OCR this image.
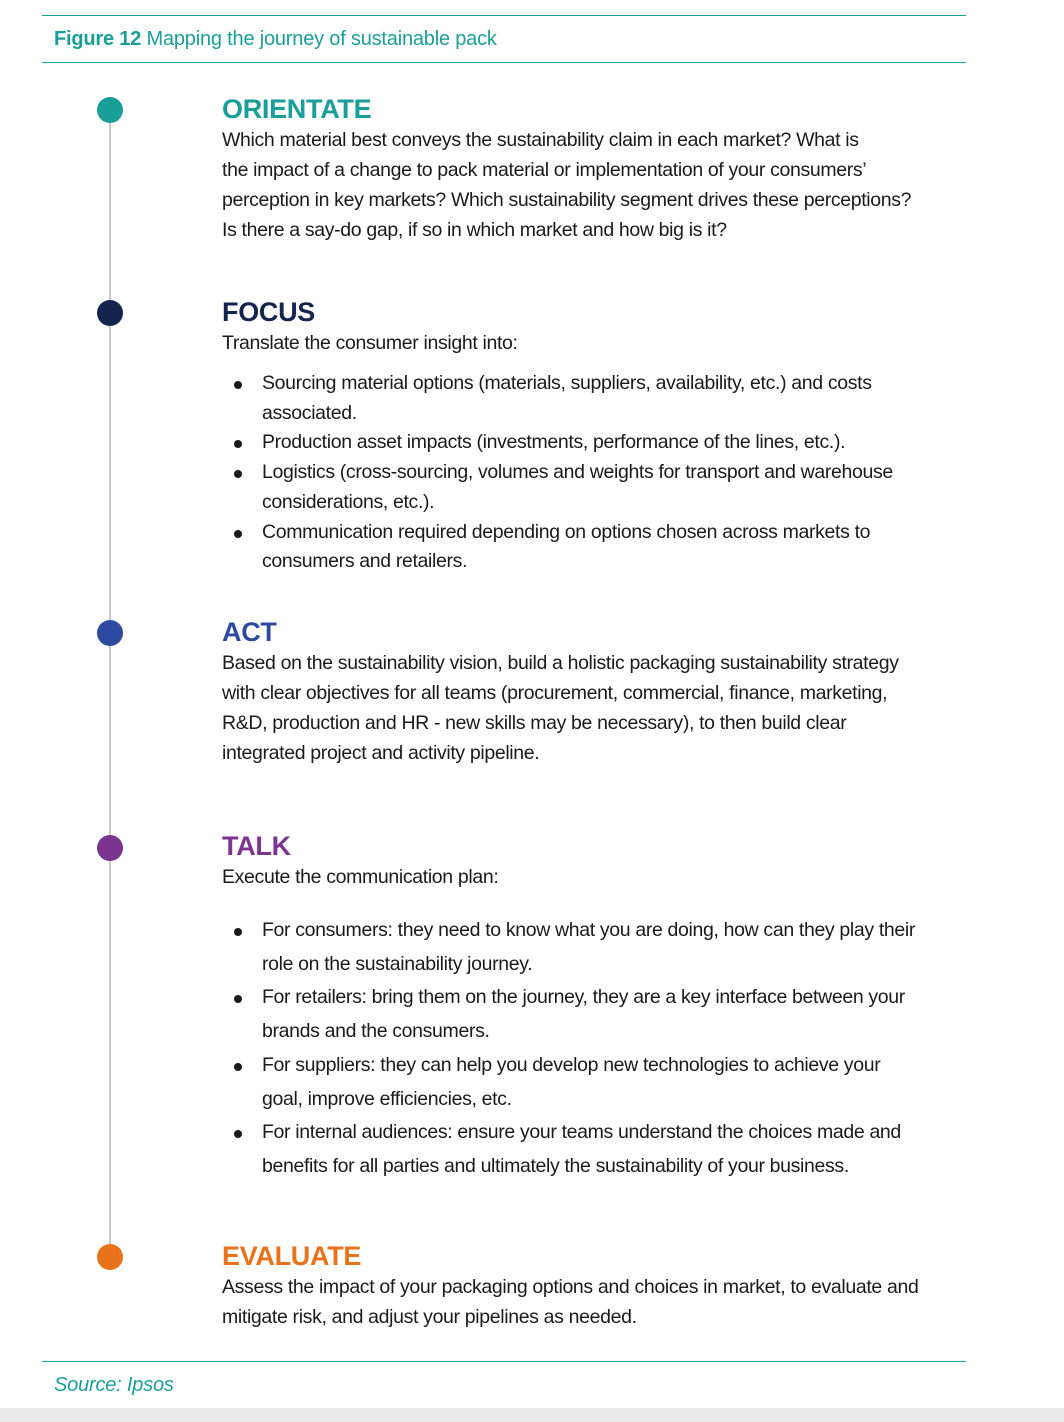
Figure 12 Mapping the journey of sustainable pack
ORIENTATE
Which material best conveys the sustainability claim in each market? What is
the impact of a change to pack material or implementation of your consumers’
perception in key markets? Which sustainability segment drives these perceptions?
Is there a say-do gap, if so in which market and how big is it?
FOCUS
Translate the consumer insight into:
Sourcing material options (materials, suppliers, availability, etc.) and costs
associated.
Production asset impacts (investments, performance of the lines, etc.).
Logistics (cross-sourcing, volumes and weights for transport and warehouse
considerations, etc.).
Communication required depending on options chosen across markets to
consumers and retailers.
ACT
Based on the sustainability vision, build a holistic packaging sustainability strategy
with clear objectives for all teams (procurement, commercial, finance, marketing,
R&D, production and HR - new skills may be necessary), to then build clear
integrated project and activity pipeline.
TALK
Execute the communication plan:
For consumers: they need to know what you are doing, how can they play their
role on the sustainability journey.
For retailers: bring them on the journey, they are a key interface between your
brands and the consumers.
For suppliers: they can help you develop new technologies to achieve your
goal, improve efficiencies, etc.
For internal audiences: ensure your teams understand the choices made and
benefits for all parties and ultimately the sustainability of your business.
EVALUATE
Assess the impact of your packaging options and choices in market, to evaluate and
mitigate risk, and adjust your pipelines as needed.
Source: Ipsos
